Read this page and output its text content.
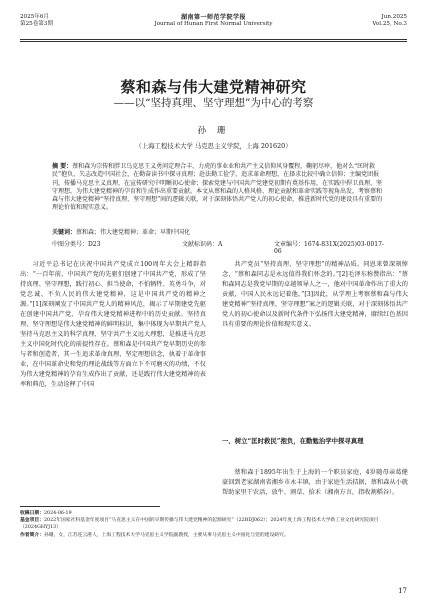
2025年6月
第25卷第3期
湖南第一师范学院学报
Journal of Hunan First Normal University
Jun.2025
Vol.25, No.3
蔡和森与伟大建党精神研究
——以“坚持真理、坚守理想”为中心的考察
孙 珊
（上海工程技术大学 马克思主义学院，上海 201620）
摘 要：蔡和森为宗传和胖卫乌克思王义勇问定理合丰，力虎的事业业和共产主义信仰风身覆程，鞠躬尽瘁，他对么“匡时救民”抱负，矢志改造中国社会，在勤奋读书中探寻真理；赴法勤工俭学，追求革命理想，在择求比较中确立信仰；主编党团报刊，传播马克思主义真理，在宣传研究中明晰初心使命；探索党建与中国共产党建党初期有奠基作用，在实践中捍卫真理、坚守理想，为伟大建党精神的孕育和生成作出重要贡献。本文从蔡和森的人格风格、理论贡献和革命实践等视角出发，考察蔡和森与伟大建党精神“坚持真理、坚守理想”间的逻辑关联，对于深刻体悟共产党人的初心使命，推进新时代党的建设具有重要的理论价值和现实意义。
关键词：蔡和森；伟大建党精神；革命；早期中国化
中图分类号：D23	文献标识码：A	文章编号：1674-831X(2025)03-0017-06

习近平总书记在庆祝中国共产党成立100周年大会上精辟指出：“一百年前，中国共产党的先驱们创建了中国共产党，形成了坚持真理、坚守理想，践行初心、担当使命，不怕牺牲、英勇斗争，对党忠诚、不负人民的伟大建党精神，这是中国共产党的精神之源。”[1]深刻阐发了中国共产党人的精神风范，揭示了早期建党先驱在创建中国共产党、孕育伟大建党精神进程中的历史贡献。坚持真理、坚守理想是伟大建党精神的鲜明标识，集中体现为早期共产党人坚持马克思主义的科学真理、坚守共产主义远大理想，是推进马克思主义中国化时代化的前提性存在。蔡和森是中国共产党早期历史的参与者和创造者，其一生追求革命真理、坚定理想信念，执着于革命事业，在中国革命史和党的理论战线等方面立下不可磨灭的功绩，不仅为伟大建党精神的孕育生成作出了贡献，还是践行伟大建党精神的表率和典范，生动诠释了中国

共产党员“坚持真理、坚守理想”的精神品质。同恩来曾深刻悼念，“蔡和森同志是永远值得我们怀念的。”[2]毛泽东称赞指出：“蔡和森同志是我党早期的卓越领导人之一，他对中国革命作出了重大的贡献，中国人民永远记着他。”[3]因此，从学理上考察蔡和森与伟大建党精神“坚持真理、坚守理想”案之的逻辑关联，对于深刻体悟共产党人的初心使命以及新时代条件下弘扬伟大建党精神，赓续红色基因具有重要的理论价值和现实意义。

一、树立“匡时救民”抱负，在勤勉治学中探寻真理

蔡和森于1895年出生于上海的一个职员家庭，4岁随母亲葛健豪回到老家湖南省湘乡市永丰镇，由于家庭生活拮据，蔡和森从小就帮助家里干农活，放牛、割草、拾禾（湘南方言，指收割稻谷）。

收稿日期：2024-06-19
基金项目：2022年国家社科基金年度项目“马克思主义在中国的早期传播与伟大建党精神的起源研究”（22BDJ062）；2024年度上海工程技术大学新工业文化研究院项目（2024GHYJ13）
作者简介：孙珊，女，江苏连云港人，上海工程技术大学马克思主义学院副教授，主要从事马克思主义中国化与党的建设研究。
17
